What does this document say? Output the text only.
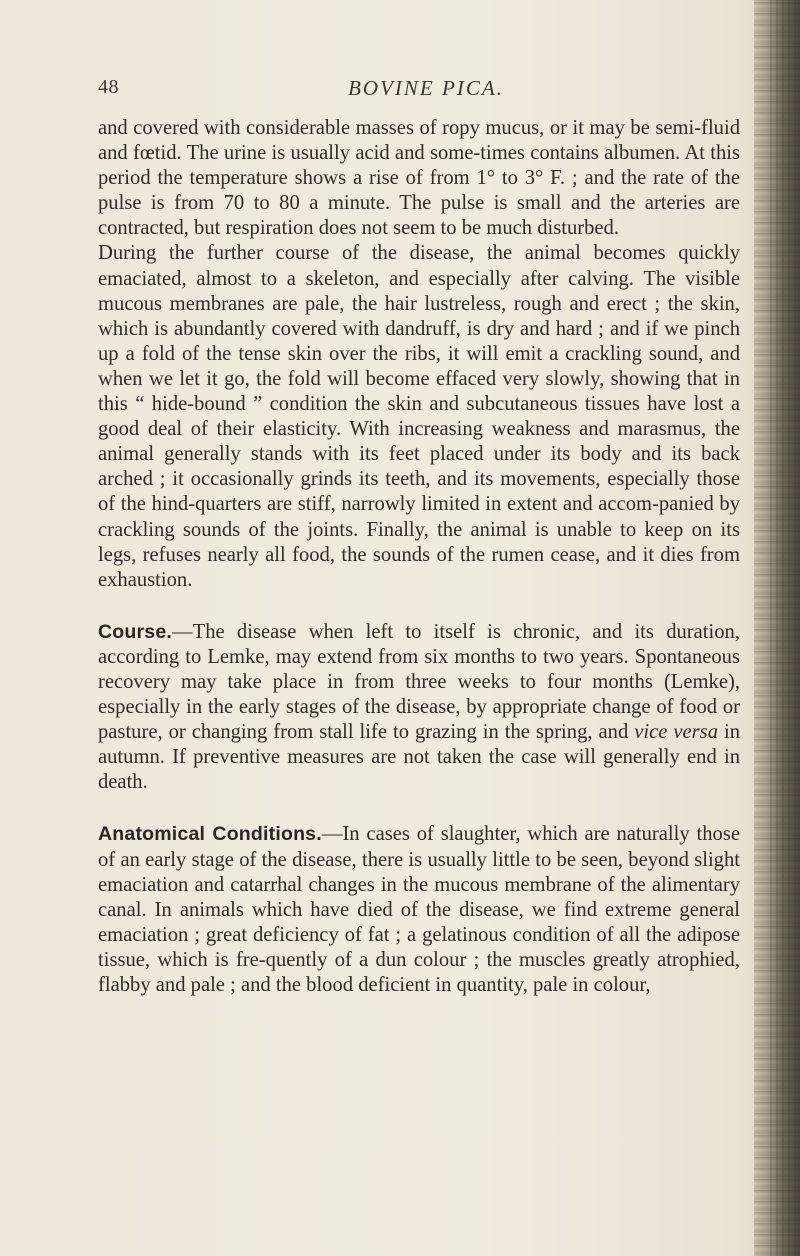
48	BOVINE PICA.

and covered with considerable masses of ropy mucus, or it may be semi-fluid and fœtid. The urine is usually acid and some-times contains albumen. At this period the temperature shows a rise of from 1° to 3° F. ; and the rate of the pulse is from 70 to 80 a minute. The pulse is small and the arteries are contracted, but respiration does not seem to be much disturbed.

During the further course of the disease, the animal becomes quickly emaciated, almost to a skeleton, and especially after calving. The visible mucous membranes are pale, the hair lustreless, rough and erect ; the skin, which is abundantly covered with dandruff, is dry and hard ; and if we pinch up a fold of the tense skin over the ribs, it will emit a crackling sound, and when we let it go, the fold will become effaced very slowly, showing that in this “ hide-bound ” condition the skin and subcutaneous tissues have lost a good deal of their elasticity. With increasing weakness and marasmus, the animal generally stands with its feet placed under its body and its back arched ; it occasionally grinds its teeth, and its movements, especially those of the hind-quarters are stiff, narrowly limited in extent and accom-panied by crackling sounds of the joints. Finally, the animal is unable to keep on its legs, refuses nearly all food, the sounds of the rumen cease, and it dies from exhaustion.

Course.—The disease when left to itself is chronic, and its duration, according to Lemke, may extend from six months to two years. Spontaneous recovery may take place in from three weeks to four months (Lemke), especially in the early stages of the disease, by appropriate change of food or pasture, or changing from stall life to grazing in the spring, and vice versa in autumn. If preventive measures are not taken the case will generally end in death.

Anatomical Conditions.—In cases of slaughter, which are naturally those of an early stage of the disease, there is usually little to be seen, beyond slight emaciation and catarrhal changes in the mucous membrane of the alimentary canal. In animals which have died of the disease, we find extreme general emaciation ; great deficiency of fat ; a gelatinous condition of all the adipose tissue, which is fre-quently of a dun colour ; the muscles greatly atrophied, flabby and pale ; and the blood deficient in quantity, pale in colour,
